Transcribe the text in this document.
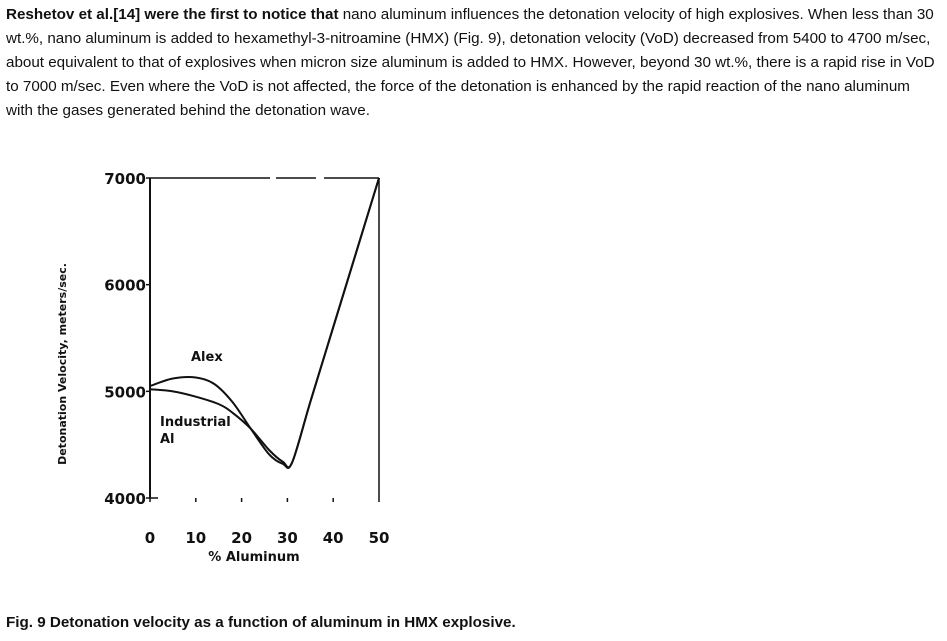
Reshetov et al.[14] were the first to notice that nano aluminum influences the detonation velocity of high explosives. When less than 30 wt.%, nano aluminum is added to hexamethyl-3-nitroamine (HMX) (Fig. 9), detonation velocity (VoD) decreased from 5400 to 4700 m/sec, about equivalent to that of explosives when micron size aluminum is added to HMX. However, beyond 30 wt.%, there is a rapid rise in VoD to 7000 m/sec. Even where the VoD is not affected, the force of the detonation is enhanced by the rapid reaction of the nano aluminum with the gases generated behind the detonation wave.

4000
5000
6000
7000
0 10 20 30 40 50
Detonation Velocity, meters/sec.
% Aluminum
Alex
Industrial
Al

Fig. 9 Detonation velocity as a function of aluminum in HMX explosive.
